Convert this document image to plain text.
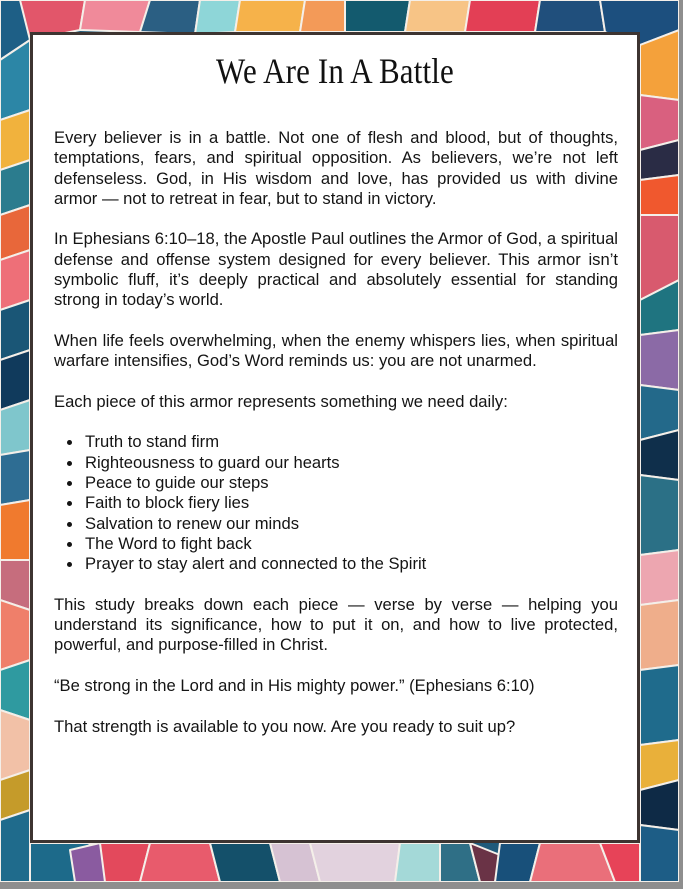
We Are In A Battle

Every believer is in a battle. Not one of flesh and blood, but of thoughts, temptations, fears, and spiritual opposition. As believers, we’re not left defenseless. God, in His wisdom and love, has provided us with divine armor — not to retreat in fear, but to stand in victory.

In Ephesians 6:10–18, the Apostle Paul outlines the Armor of God, a spiritual defense and offense system designed for every believer. This armor isn’t symbolic fluff, it’s deeply practical and absolutely essential for standing strong in today’s world.

When life feels overwhelming, when the enemy whispers lies, when spiritual warfare intensifies, God’s Word reminds us: you are not unarmed.

Each piece of this armor represents something we need daily:

Truth to stand firm
Righteousness to guard our hearts
Peace to guide our steps
Faith to block fiery lies
Salvation to renew our minds
The Word to fight back
Prayer to stay alert and connected to the Spirit

This study breaks down each piece — verse by verse — helping you understand its significance, how to put it on, and how to live protected, powerful, and purpose-filled in Christ.

“Be strong in the Lord and in His mighty power.” (Ephesians 6:10)

That strength is available to you now. Are you ready to suit up?
